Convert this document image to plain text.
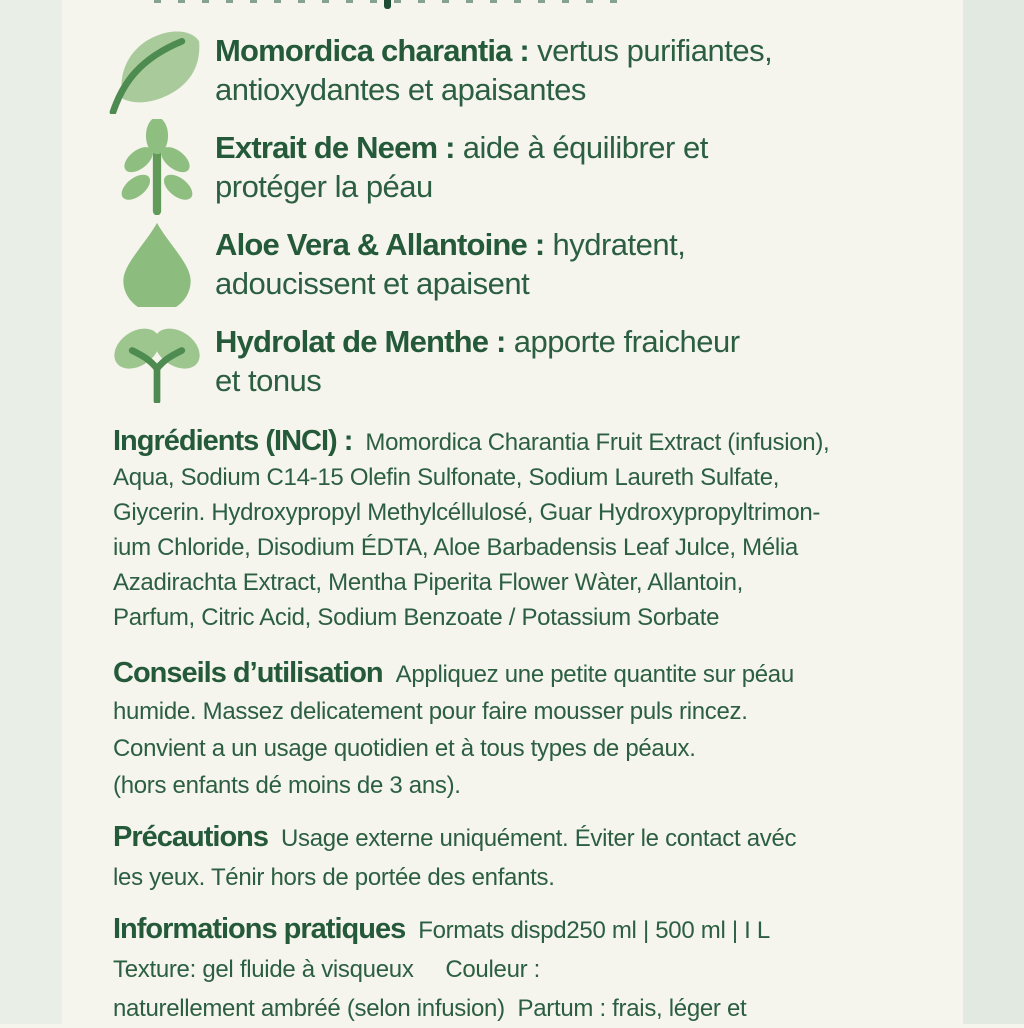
Momordica charantia : vertus purifiantes,
antioxydantes et apaisantes

Extrait de Neem : aide à équilibrer et
protéger la péau

Aloe Vera & Allantoine : hydratent,
adoucissent et apaisent

Hydrolat de Menthe : apporte fraicheur
et tonus

Ingrédients (INCI) : Momordica Charantia Fruit Extract (infusion),
Aqua, Sodium C14-15 Olefin Sulfonate, Sodium Laureth Sulfate,
Giycerin. Hydroxypropyl Methylcéllulosé, Guar Hydroxypropyltrimon-
ium Chloride, Disodium ÉDTA, Aloe Barbadensis Leaf Julce, Mélia
Azadirachta Extract, Mentha Piperita Flower Wàter, Allantoin,
Parfum, Citric Acid, Sodium Benzoate / Potassium Sorbate

Conseils d’utilisation Appliquez une petite quantite sur péau
humide. Massez delicatement pour faire mousser puls rincez.
Convient a un usage quotidien et à tous types de péaux.
(hors enfants dé moins de 3 ans).

Précautions Usage externe uniquément. Éviter le contact avéc
les yeux. Ténir hors de portée des enfants.

Informations pratiques Formats dispd250 ml | 500 ml | I L
Texture: gel fluide à visqueux     Couleur :
naturellement ambréé (selon infusion)  Partum : frais, léger et
